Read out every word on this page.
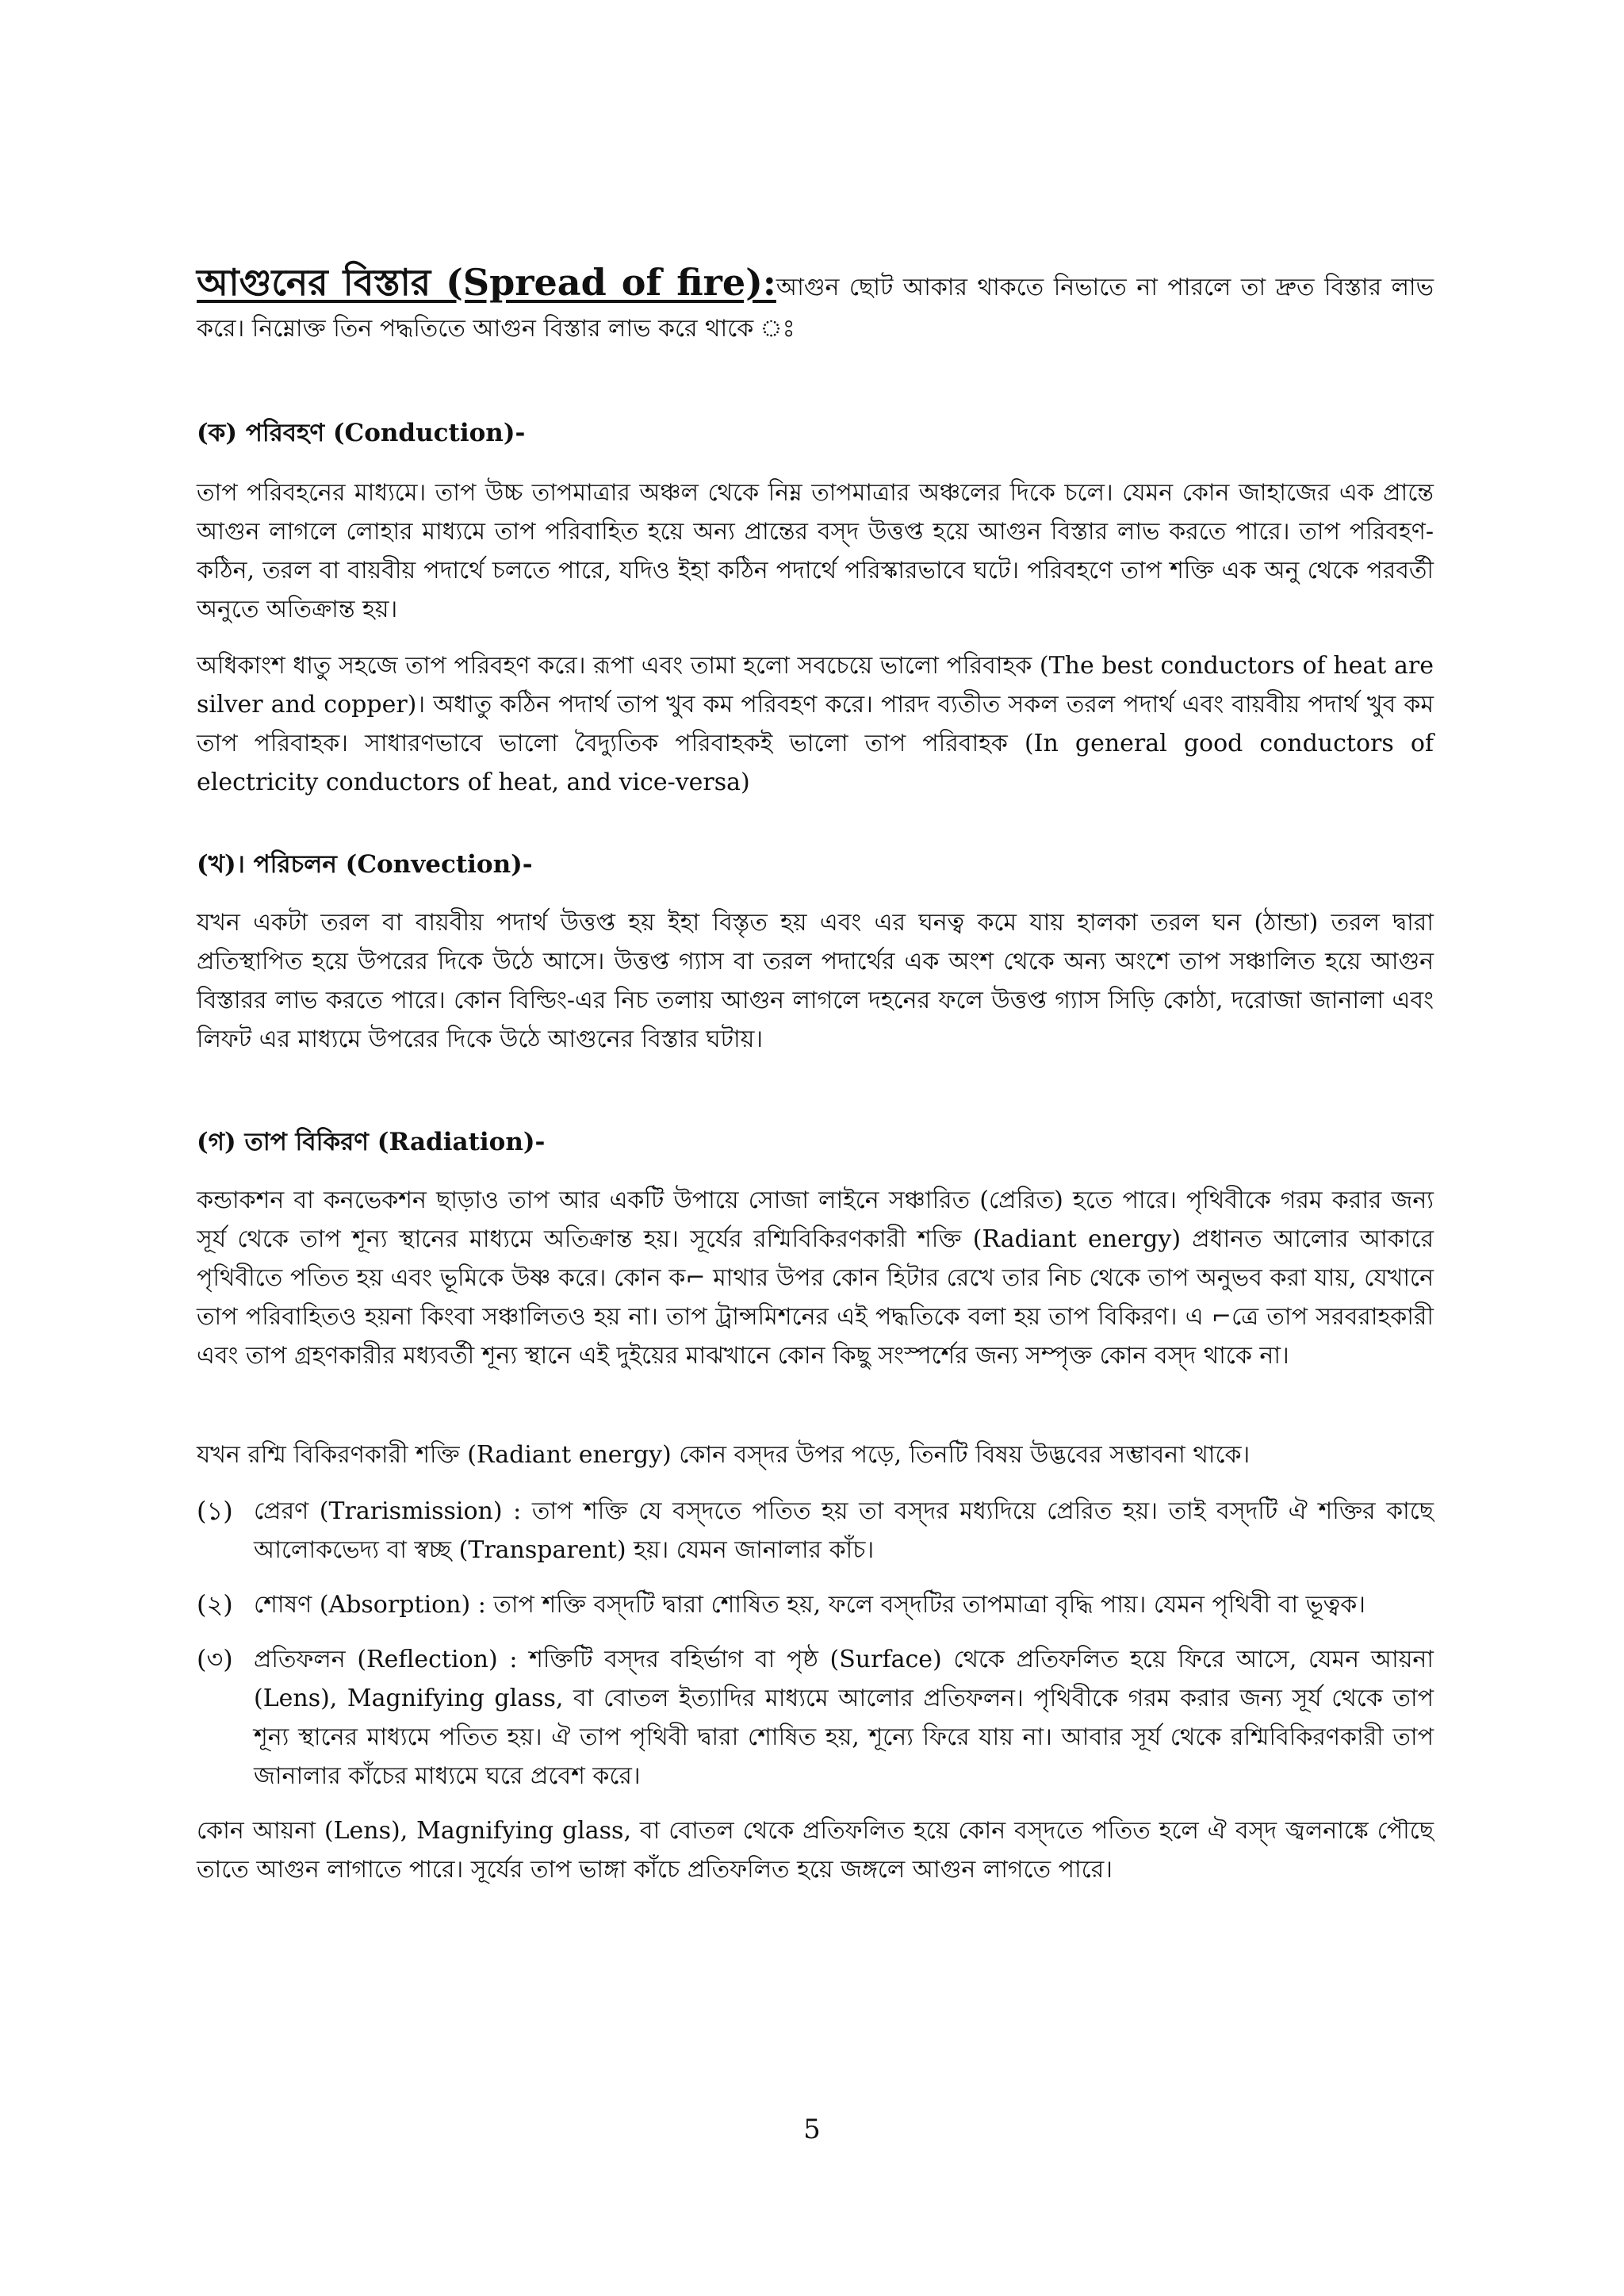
আগুনের বিস্তার (Spread of fire):আগুন ছোট আকার থাকতে নিভাতে না পারলে তা দ্রুত বিস্তার লাভ করে। নিম্নোক্ত তিন পদ্ধতিতে আগুন বিস্তার লাভ করে থাকে ঃ

(ক) পরিবহণ (Conduction)-

তাপ পরিবহনের মাধ্যমে। তাপ উচ্চ তাপমাত্রার অঞ্চল থেকে নিম্ন তাপমাত্রার অঞ্চলের দিকে চলে। যেমন কোন জাহাজের এক প্রান্তে আগুন লাগলে লোহার মাধ্যমে তাপ পরিবাহিত হয়ে অন্য প্রান্তের বস্দ উত্তপ্ত হয়ে আগুন বিস্তার লাভ করতে পারে। তাপ পরিবহণ- কঠিন, তরল বা বায়বীয় পদার্থে চলতে পারে, যদিও ইহা কঠিন পদার্থে পরিস্কারভাবে ঘটে। পরিবহণে তাপ শক্তি এক অনু থেকে পরবর্তী অনুতে অতিক্রান্ত হয়।

অধিকাংশ ধাতু সহজে তাপ পরিবহণ করে। রূপা এবং তামা হলো সবচেয়ে ভালো পরিবাহক (The best conductors of heat are silver and copper)। অধাতু কঠিন পদার্থ তাপ খুব কম পরিবহণ করে। পারদ ব্যতীত সকল তরল পদার্থ এবং বায়বীয় পদার্থ খুব কম তাপ পরিবাহক। সাধারণভাবে ভালো বৈদ্যুতিক পরিবাহকই ভালো তাপ পরিবাহক (In general good conductors of electricity conductors of heat, and vice-versa)

(খ)। পরিচলন (Convection)-

যখন একটা তরল বা বায়বীয় পদার্থ উত্তপ্ত হয় ইহা বিস্তৃত হয় এবং এর ঘনত্ব কমে যায় হালকা তরল ঘন (ঠান্ডা) তরল দ্বারা প্রতিস্থাপিত হয়ে উপরের দিকে উঠে আসে। উত্তপ্ত গ্যাস বা তরল পদার্থের এক অংশ থেকে অন্য অংশে তাপ সঞ্চালিত হয়ে আগুন বিস্তারর লাভ করতে পারে। কোন বিল্ডিং-এর নিচ তলায় আগুন লাগলে দহনের ফলে উত্তপ্ত গ্যাস সিড়ি কোঠা, দরোজা জানালা এবং লিফট এর মাধ্যমে উপরের দিকে উঠে আগুনের বিস্তার ঘটায়।

(গ) তাপ বিকিরণ (Radiation)-

কন্ডাকশন বা কনভেকশন ছাড়াও তাপ আর একটি উপায়ে সোজা লাইনে সঞ্চারিত (প্রেরিত) হতে পারে। পৃথিবীকে গরম করার জন্য সূর্য থেকে তাপ শূন্য স্থানের মাধ্যমে অতিক্রান্ত হয়। সূর্যের রশ্মিবিকিরণকারী শক্তি (Radiant energy) প্রধানত আলোর আকারে পৃথিবীতে পতিত হয় এবং ভূমিকে উষ্ণ করে। কোন ক⌐ মাথার উপর কোন হিটার রেখে তার নিচ থেকে তাপ অনুভব করা যায়, যেখানে তাপ পরিবাহিতও হয়না কিংবা সঞ্চালিতও হয় না। তাপ ট্রান্সমিশনের এই পদ্ধতিকে বলা হয় তাপ বিকিরণ। এ ⌐ত্রে তাপ সরবরাহকারী এবং তাপ গ্রহণকারীর মধ্যবর্তী শূন্য স্থানে এই দুইয়ের মাঝখানে কোন কিছু সংস্পর্শের জন্য সম্পৃক্ত কোন বস্দ থাকে না।

যখন রশ্মি বিকিরণকারী শক্তি (Radiant energy) কোন বস্দর উপর পড়ে, তিনটি বিষয় উদ্ভবের সম্ভাবনা থাকে।

(১) প্রেরণ (Trarismission) : তাপ শক্তি যে বস্দতে পতিত হয় তা বস্দর মধ্যদিয়ে প্রেরিত হয়। তাই বস্দটি ঐ শক্তির কাছে আলোকভেদ্য বা স্বচ্ছ (Transparent) হয়। যেমন জানালার কাঁচ।
(২) শোষণ (Absorption) : তাপ শক্তি বস্দটি দ্বারা শোষিত হয়, ফলে বস্দটির তাপমাত্রা বৃদ্ধি পায়। যেমন পৃথিবী বা ভূত্বক।
(৩) প্রতিফলন (Reflection) : শক্তিটি বস্দর বহির্ভাগ বা পৃষ্ঠ (Surface) থেকে প্রতিফলিত হয়ে ফিরে আসে, যেমন আয়না (Lens), Magnifying glass, বা বোতল ইত্যাদির মাধ্যমে আলোর প্রতিফলন। পৃথিবীকে গরম করার জন্য সূর্য থেকে তাপ শূন্য স্থানের মাধ্যমে পতিত হয়। ঐ তাপ পৃথিবী দ্বারা শোষিত হয়, শূন্যে ফিরে যায় না। আবার সূর্য থেকে রশ্মিবিকিরণকারী তাপ জানালার কাঁচের মাধ্যমে ঘরে প্রবেশ করে।

কোন আয়না (Lens), Magnifying glass, বা বোতল থেকে প্রতিফলিত হয়ে কোন বস্দতে পতিত হলে ঐ বস্দ জ্বলনাঙ্কে পৌছে তাতে আগুন লাগাতে পারে। সূর্যের তাপ ভাঙ্গা কাঁচে প্রতিফলিত হয়ে জঙ্গলে আগুন লাগতে পারে।

5
